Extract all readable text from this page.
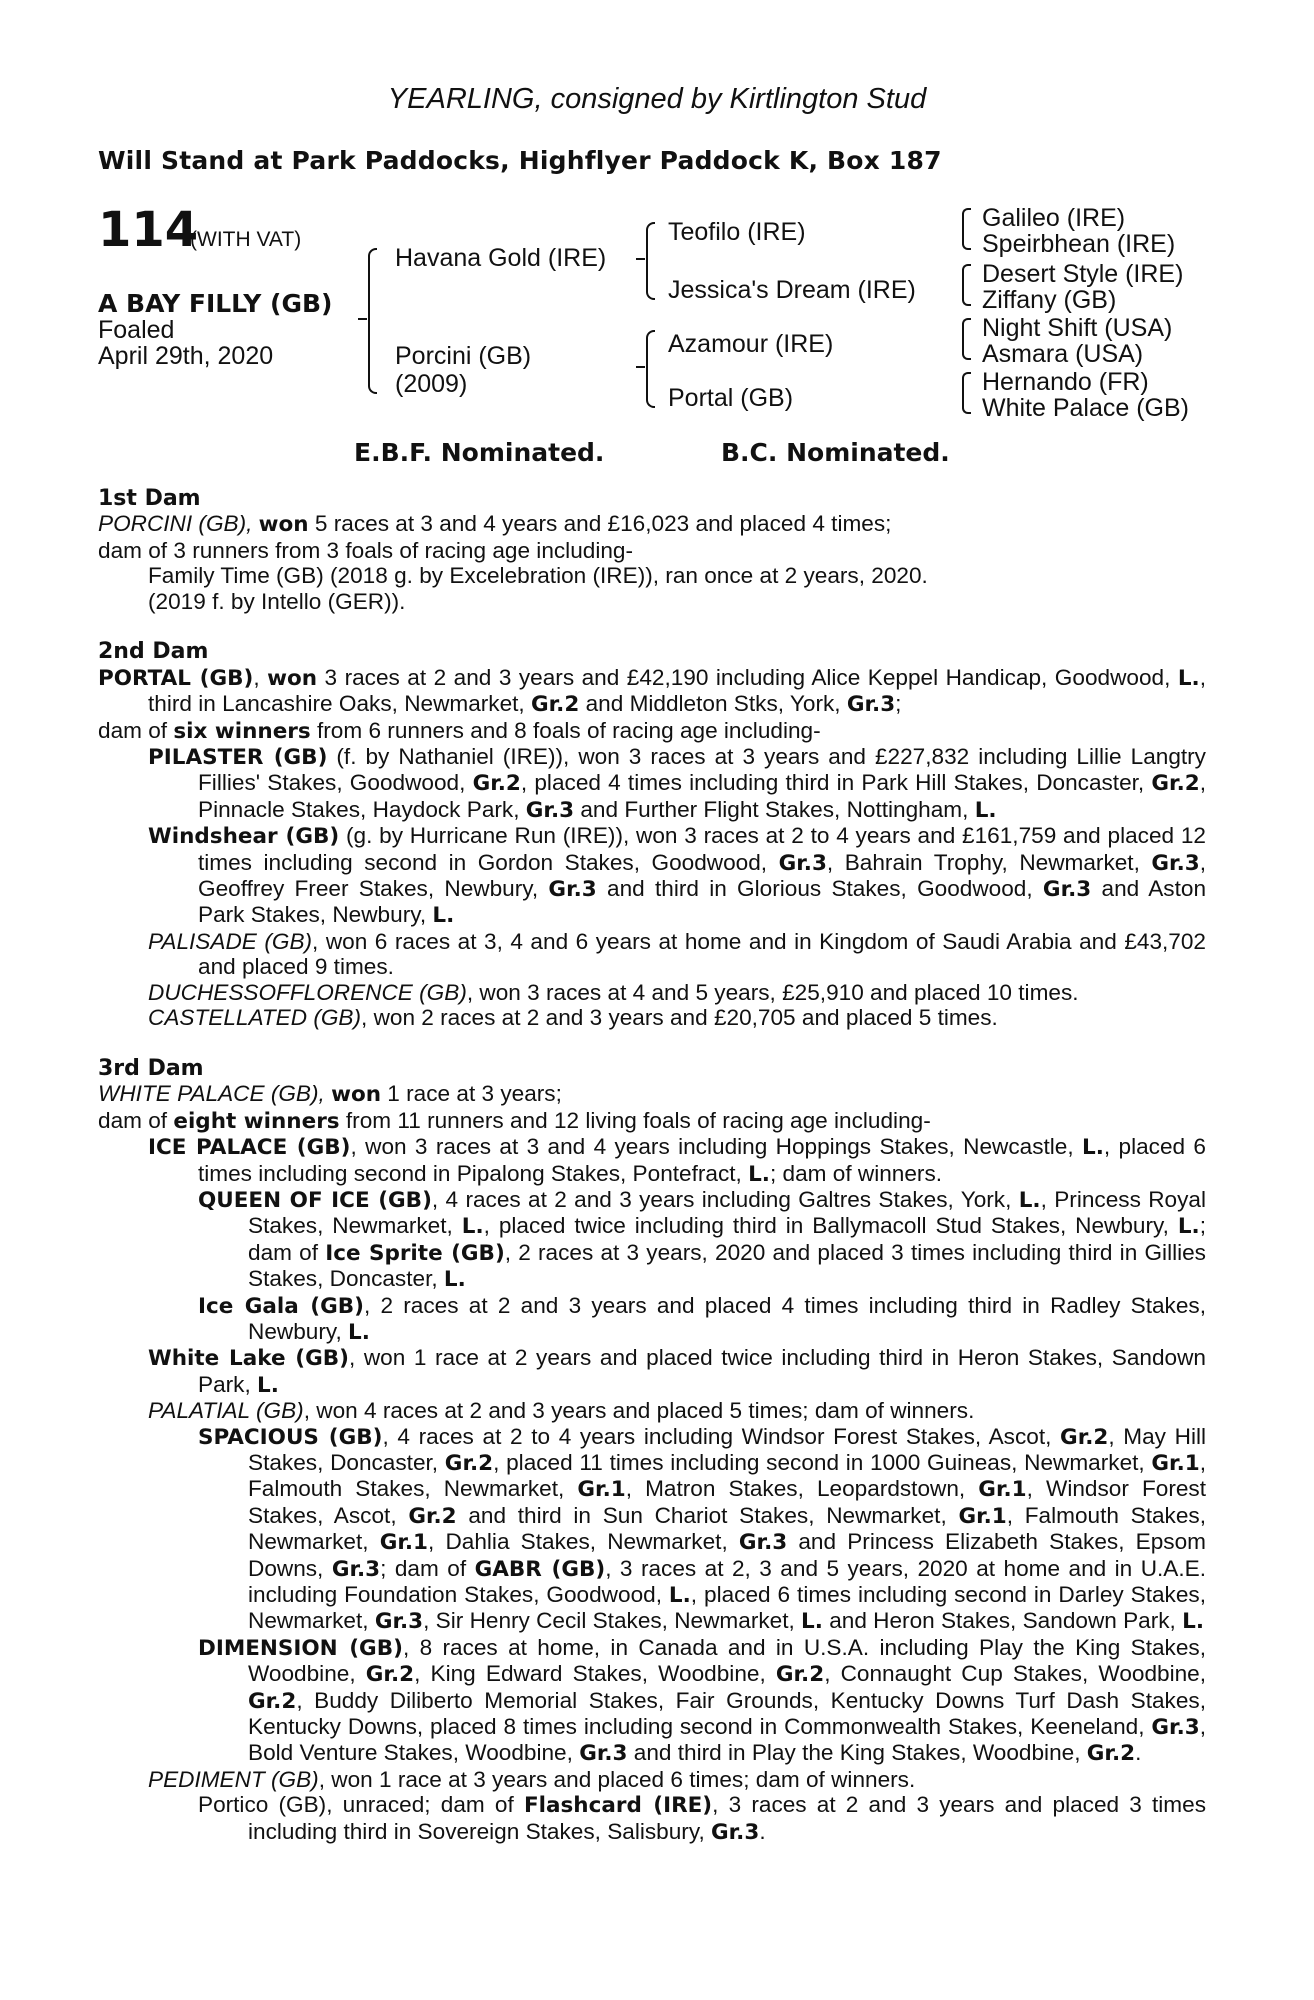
YEARLING, consigned by Kirtlington Stud
Will Stand at Park Paddocks, Highflyer Paddock K, Box 187
114
(WITH VAT)
A BAY FILLY (GB)
Foaled
April 29th, 2020
Havana Gold (IRE)
Porcini (GB)
(2009)
Teofilo (IRE)
Jessica's Dream (IRE)
Azamour (IRE)
Portal (GB)
Galileo (IRE)
Speirbhean (IRE)
Desert Style (IRE)
Ziffany (GB)
Night Shift (USA)
Asmara (USA)
Hernando (FR)
White Palace (GB)
E.B.F. Nominated.	B.C. Nominated.
1st Dam
PORCINI (GB), won 5 races at 3 and 4 years and £16,023 and placed 4 times;
dam of 3 runners from 3 foals of racing age including-
Family Time (GB) (2018 g. by Excelebration (IRE)), ran once at 2 years, 2020.
(2019 f. by Intello (GER)).
2nd Dam
PORTAL (GB), won 3 races at 2 and 3 years and £42,190 including Alice Keppel Handicap, Goodwood, L., third in Lancashire Oaks, Newmarket, Gr.2 and Middleton Stks, York, Gr.3;
dam of six winners from 6 runners and 8 foals of racing age including-
PILASTER (GB) (f. by Nathaniel (IRE)), won 3 races at 3 years and £227,832 including Lillie Langtry Fillies' Stakes, Goodwood, Gr.2, placed 4 times including third in Park Hill Stakes, Doncaster, Gr.2, Pinnacle Stakes, Haydock Park, Gr.3 and Further Flight Stakes, Nottingham, L.
Windshear (GB) (g. by Hurricane Run (IRE)), won 3 races at 2 to 4 years and £161,759 and placed 12 times including second in Gordon Stakes, Goodwood, Gr.3, Bahrain Trophy, Newmarket, Gr.3, Geoffrey Freer Stakes, Newbury, Gr.3 and third in Glorious Stakes, Goodwood, Gr.3 and Aston Park Stakes, Newbury, L.
PALISADE (GB), won 6 races at 3, 4 and 6 years at home and in Kingdom of Saudi Arabia and £43,702 and placed 9 times.
DUCHESSOFFLORENCE (GB), won 3 races at 4 and 5 years, £25,910 and placed 10 times.
CASTELLATED (GB), won 2 races at 2 and 3 years and £20,705 and placed 5 times.
3rd Dam
WHITE PALACE (GB), won 1 race at 3 years;
dam of eight winners from 11 runners and 12 living foals of racing age including-
ICE PALACE (GB), won 3 races at 3 and 4 years including Hoppings Stakes, Newcastle, L., placed 6 times including second in Pipalong Stakes, Pontefract, L.; dam of winners.
QUEEN OF ICE (GB), 4 races at 2 and 3 years including Galtres Stakes, York, L., Princess Royal Stakes, Newmarket, L., placed twice including third in Ballymacoll Stud Stakes, Newbury, L.; dam of Ice Sprite (GB), 2 races at 3 years, 2020 and placed 3 times including third in Gillies Stakes, Doncaster, L.
Ice Gala (GB), 2 races at 2 and 3 years and placed 4 times including third in Radley Stakes, Newbury, L.
White Lake (GB), won 1 race at 2 years and placed twice including third in Heron Stakes, Sandown Park, L.
PALATIAL (GB), won 4 races at 2 and 3 years and placed 5 times; dam of winners.
SPACIOUS (GB), 4 races at 2 to 4 years including Windsor Forest Stakes, Ascot, Gr.2, May Hill Stakes, Doncaster, Gr.2, placed 11 times including second in 1000 Guineas, Newmarket, Gr.1, Falmouth Stakes, Newmarket, Gr.1, Matron Stakes, Leopardstown, Gr.1, Windsor Forest Stakes, Ascot, Gr.2 and third in Sun Chariot Stakes, Newmarket, Gr.1, Falmouth Stakes, Newmarket, Gr.1, Dahlia Stakes, Newmarket, Gr.3 and Princess Elizabeth Stakes, Epsom Downs, Gr.3; dam of GABR (GB), 3 races at 2, 3 and 5 years, 2020 at home and in U.A.E. including Foundation Stakes, Goodwood, L., placed 6 times including second in Darley Stakes, Newmarket, Gr.3, Sir Henry Cecil Stakes, Newmarket, L. and Heron Stakes, Sandown Park, L.
DIMENSION (GB), 8 races at home, in Canada and in U.S.A. including Play the King Stakes, Woodbine, Gr.2, King Edward Stakes, Woodbine, Gr.2, Connaught Cup Stakes, Woodbine, Gr.2, Buddy Diliberto Memorial Stakes, Fair Grounds, Kentucky Downs Turf Dash Stakes, Kentucky Downs, placed 8 times including second in Commonwealth Stakes, Keeneland, Gr.3, Bold Venture Stakes, Woodbine, Gr.3 and third in Play the King Stakes, Woodbine, Gr.2.
PEDIMENT (GB), won 1 race at 3 years and placed 6 times; dam of winners.
Portico (GB), unraced; dam of Flashcard (IRE), 3 races at 2 and 3 years and placed 3 times including third in Sovereign Stakes, Salisbury, Gr.3.
